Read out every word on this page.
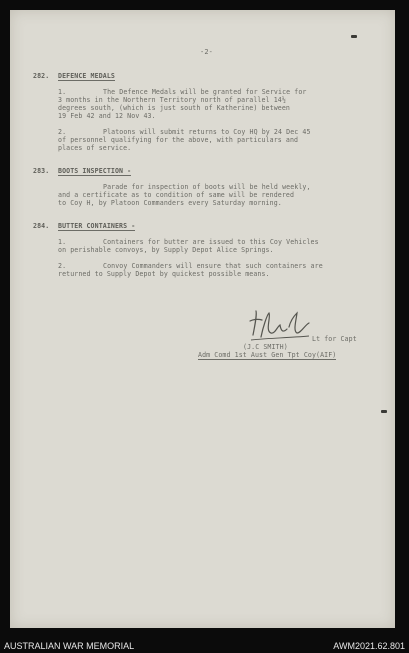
-2-
282. DEFENCE MEDALS
1.	The Defence Medals will be granted for Service for
3 months in the Northern Territory north of parallel 14½
degrees south, (which is just south of Katherine) between
19 Feb 42 and 12 Nov 43.
2.	Platoons will submit returns to Coy HQ by 24 Dec 45
of personnel qualifying for the above, with particulars and
places of service.
283. BOOTS INSPECTION -
Parade for inspection of boots will be held weekly,
and a certificate as to condition of same will be rendered
to Coy H, by Platoon Commanders every Saturday morning.
284. BUTTER CONTAINERS -
1.	Containers for butter are issued to this Coy Vehicles
on perishable convoys, by Supply Depot Alice Springs.
2.	Convoy Commanders will ensure that such containers are
returned to Supply Depot by quickest possible means.
Lt for Capt
(J.C SMITH)
Adm Comd 1st Aust Gen Tpt Coy(AIF)
AUSTRALIAN WAR MEMORIAL	AWM2021.62.801
